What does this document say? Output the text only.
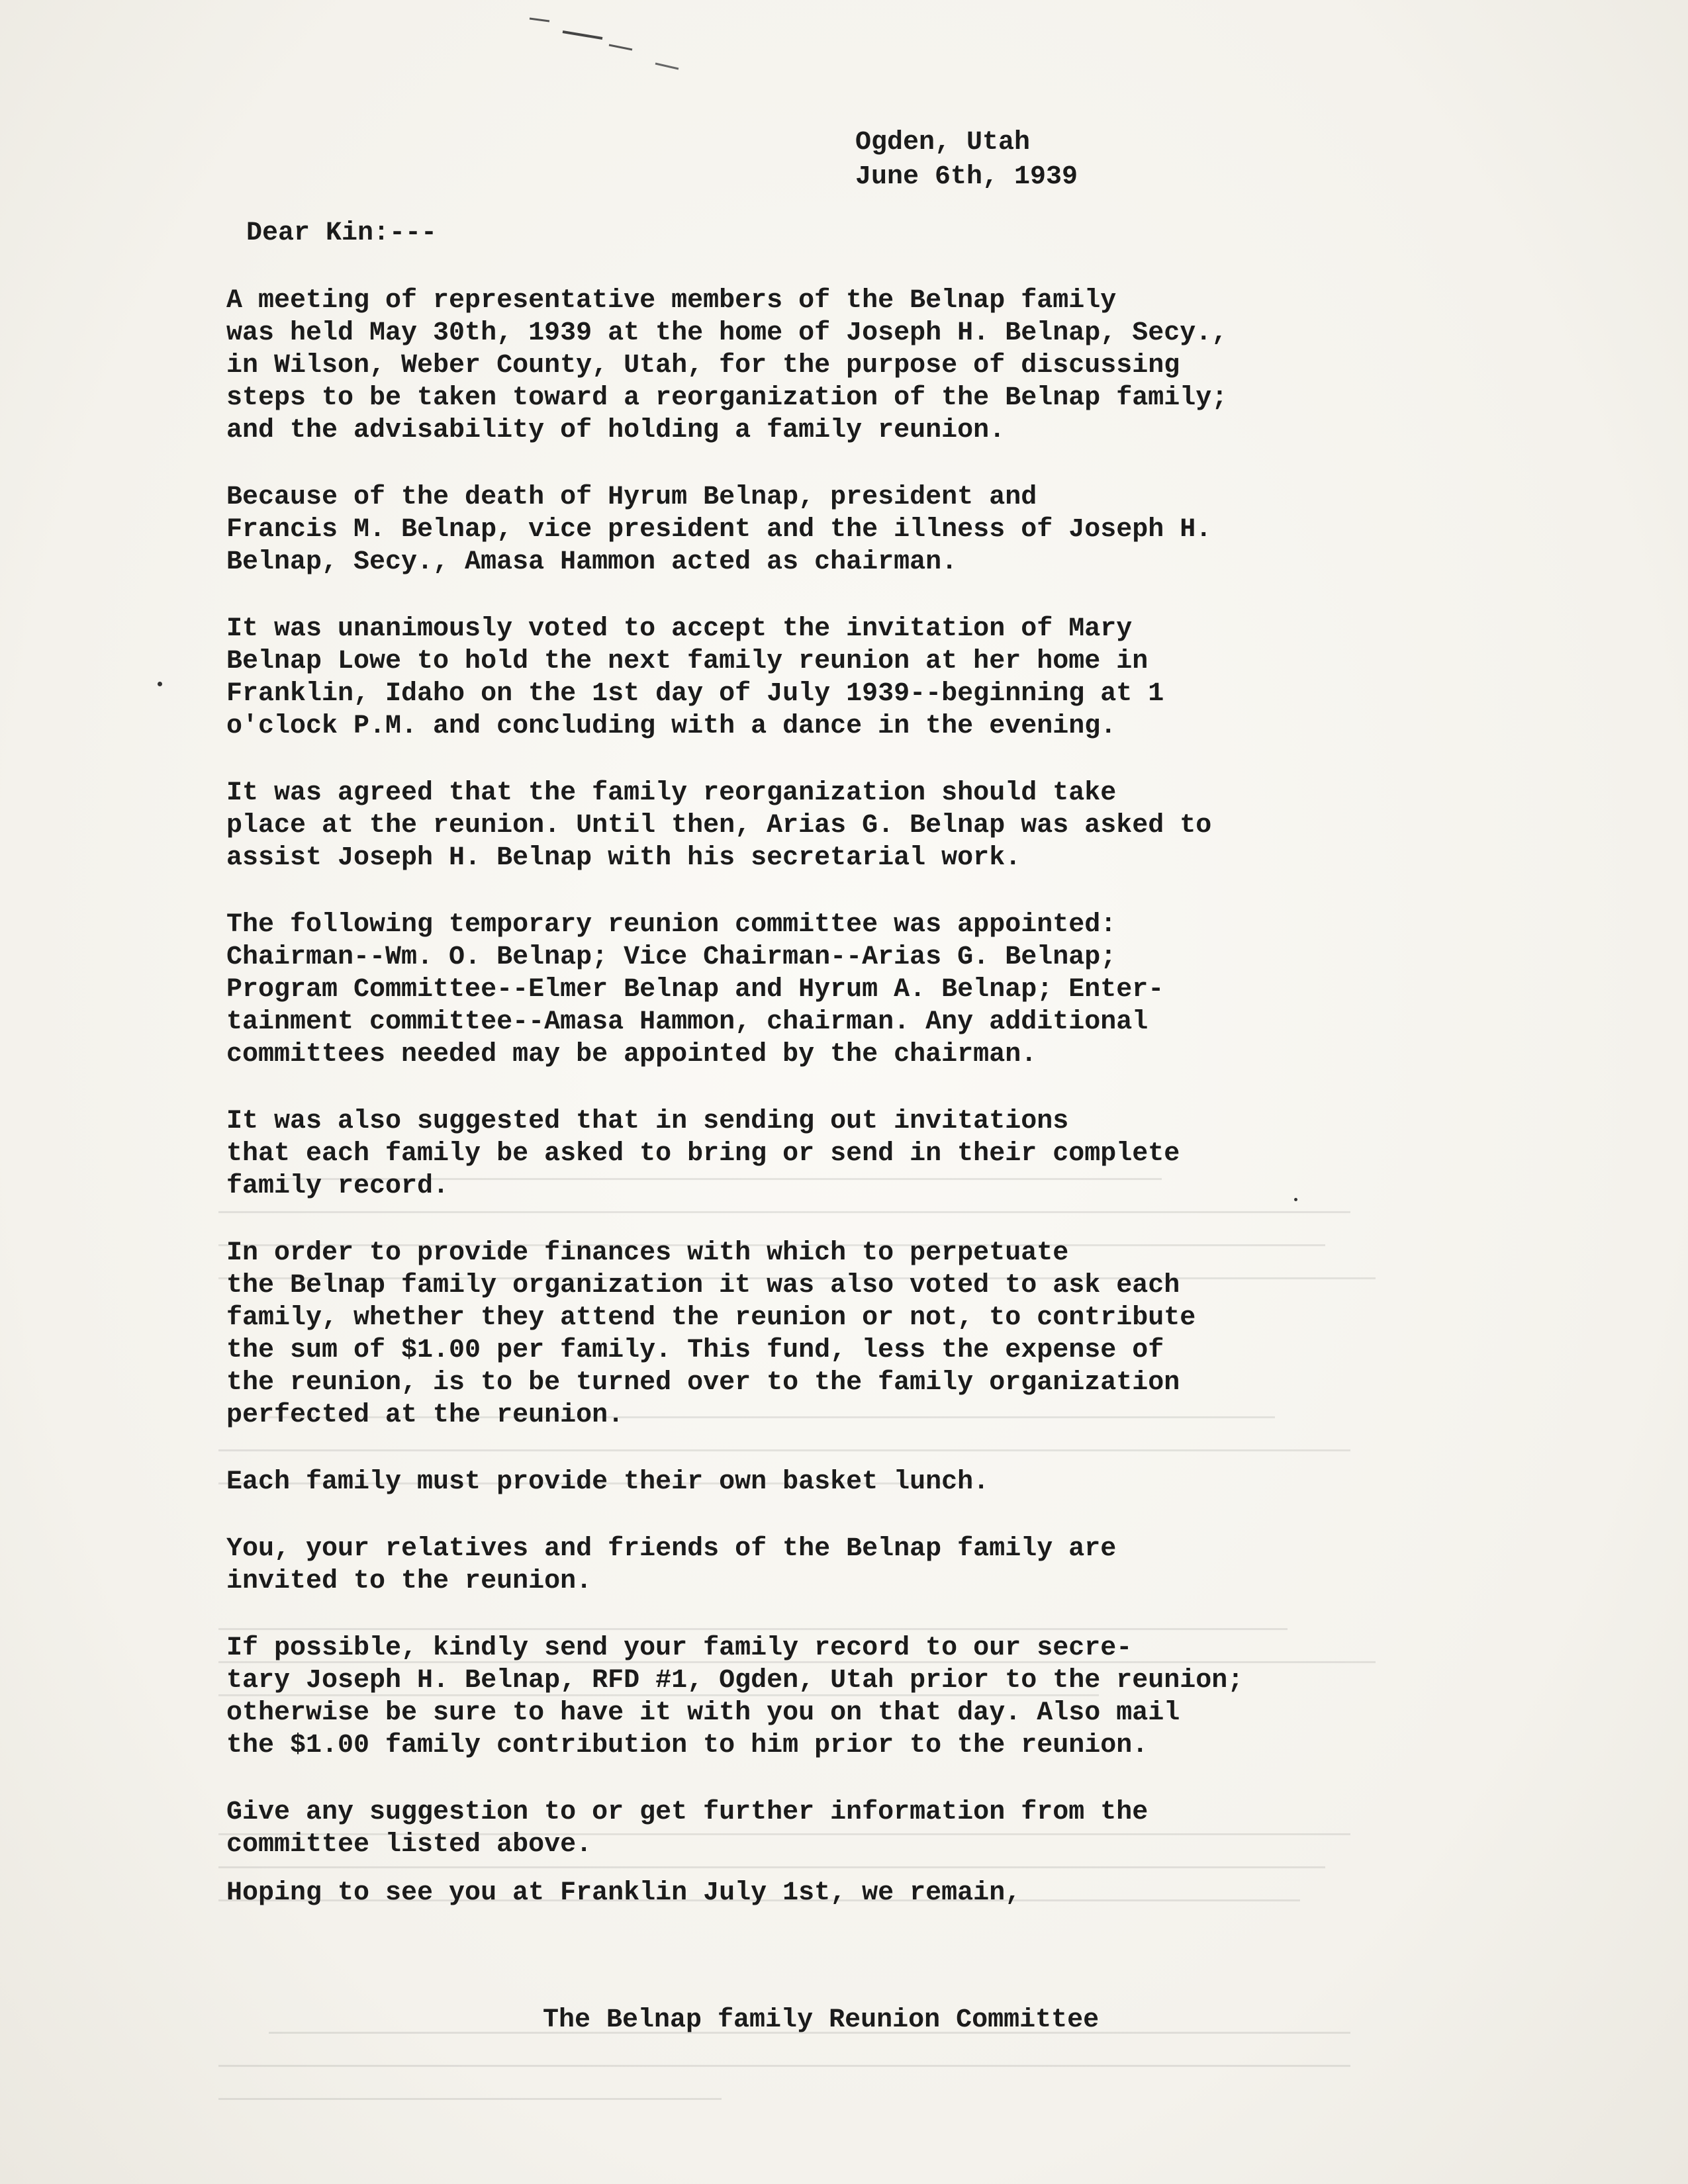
Ogden, Utah
June 6th, 1939
Dear Kin:---

A meeting of representative members of the Belnap family
was held May 30th, 1939 at the home of Joseph H. Belnap, Secy.,
in Wilson, Weber County, Utah, for the purpose of discussing
steps to be taken toward a reorganization of the Belnap family;
and the advisability of holding a family reunion.

Because of the death of Hyrum Belnap, president and
Francis M. Belnap, vice president and the illness of Joseph H.
Belnap, Secy., Amasa Hammon acted as chairman.

It was unanimously voted to accept the invitation of Mary
Belnap Lowe to hold the next family reunion at her home in
Franklin, Idaho on the 1st day of July 1939--beginning at 1
o'clock P.M. and concluding with a dance in the evening.

It was agreed that the family reorganization should take
place at the reunion. Until then, Arias G. Belnap was asked to
assist Joseph H. Belnap with his secretarial work.

The following temporary reunion committee was appointed:
Chairman--Wm. O. Belnap; Vice Chairman--Arias G. Belnap;
Program Committee--Elmer Belnap and Hyrum A. Belnap; Enter-
tainment committee--Amasa Hammon, chairman. Any additional
committees needed may be appointed by the chairman.

It was also suggested that in sending out invitations
that each family be asked to bring or send in their complete
family record.

In order to provide finances with which to perpetuate
the Belnap family organization it was also voted to ask each
family, whether they attend the reunion or not, to contribute
the sum of $1.00 per family. This fund, less the expense of
the reunion, is to be turned over to the family organization
perfected at the reunion.

Each family must provide their own basket lunch.

You, your relatives and friends of the Belnap family are
invited to the reunion.

If possible, kindly send your family record to our secre-
tary Joseph H. Belnap, RFD #1, Ogden, Utah prior to the reunion;
otherwise be sure to have it with you on that day. Also mail
the $1.00 family contribution to him prior to the reunion.

Give any suggestion to or get further information from the
committee listed above.

Hoping to see you at Franklin July 1st, we remain,

The Belnap family Reunion Committee
